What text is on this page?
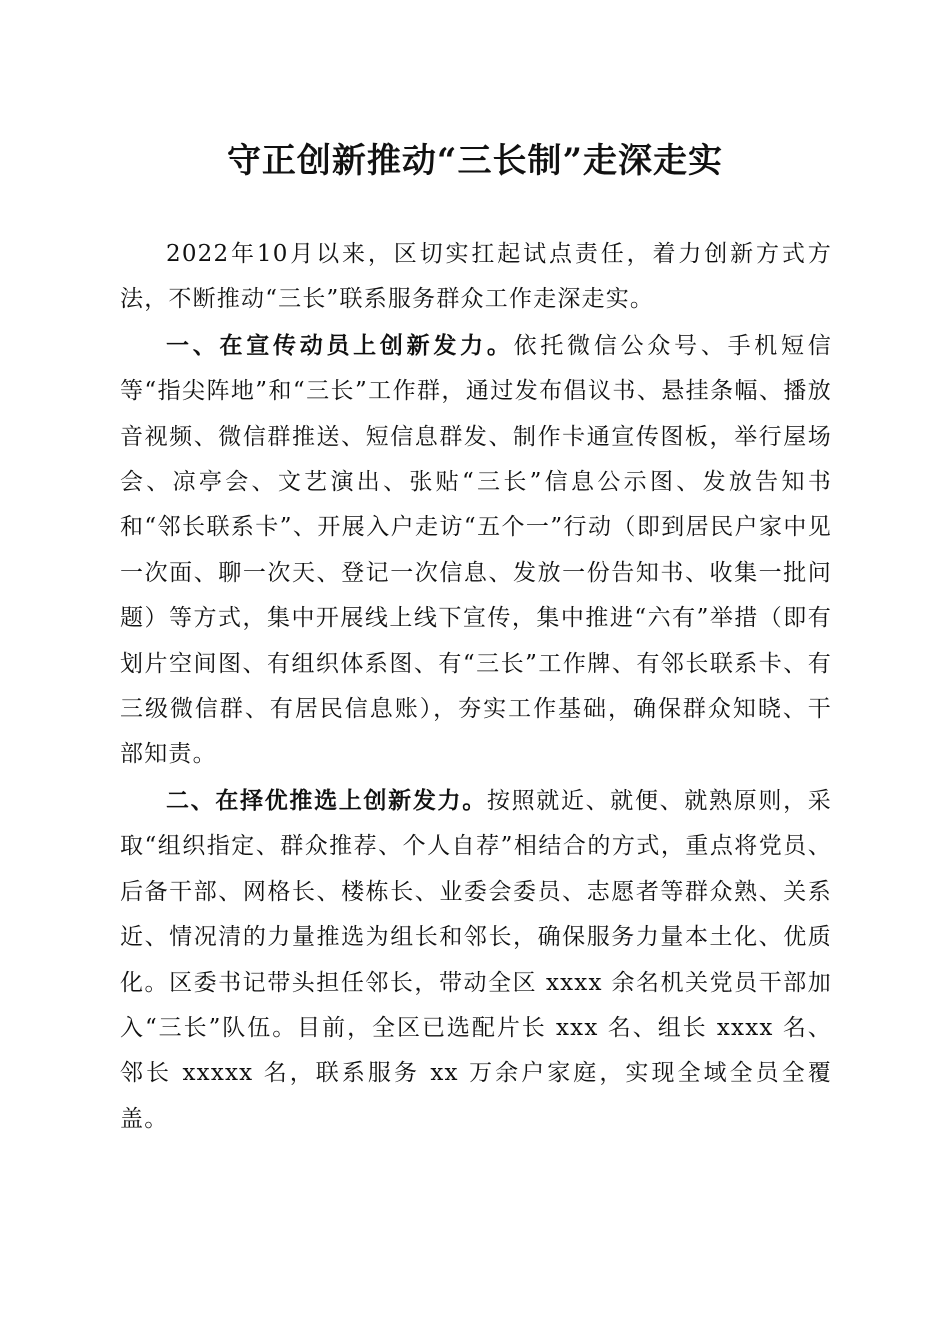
守正创新推动“三长制”走深走实

2022年10月以来，区切实扛起试点责任，着力创新方式方法，不断推动“三长”联系服务群众工作走深走实。

一、在宣传动员上创新发力。依托微信公众号、手机短信等“指尖阵地”和“三长”工作群，通过发布倡议书、悬挂条幅、播放音视频、微信群推送、短信息群发、制作卡通宣传图板，举行屋场会、凉亭会、文艺演出、张贴“三长”信息公示图、发放告知书和“邻长联系卡”、开展入户走访“五个一”行动（即到居民户家中见一次面、聊一次天、登记一次信息、发放一份告知书、收集一批问题）等方式，集中开展线上线下宣传，集中推进“六有”举措（即有划片空间图、有组织体系图、有“三长”工作牌、有邻长联系卡、有三级微信群、有居民信息账），夯实工作基础，确保群众知晓、干部知责。

二、在择优推选上创新发力。按照就近、就便、就熟原则，采取“组织指定、群众推荐、个人自荐”相结合的方式，重点将党员、后备干部、网格长、楼栋长、业委会委员、志愿者等群众熟、关系近、情况清的力量推选为组长和邻长，确保服务力量本土化、优质化。区委书记带头担任邻长，带动全区 xxxx 余名机关党员干部加入“三长”队伍。目前，全区已选配片长 xxx 名、组长 xxxx 名、邻长 xxxxx 名，联系服务 xx 万余户家庭，实现全域全员全覆盖。
